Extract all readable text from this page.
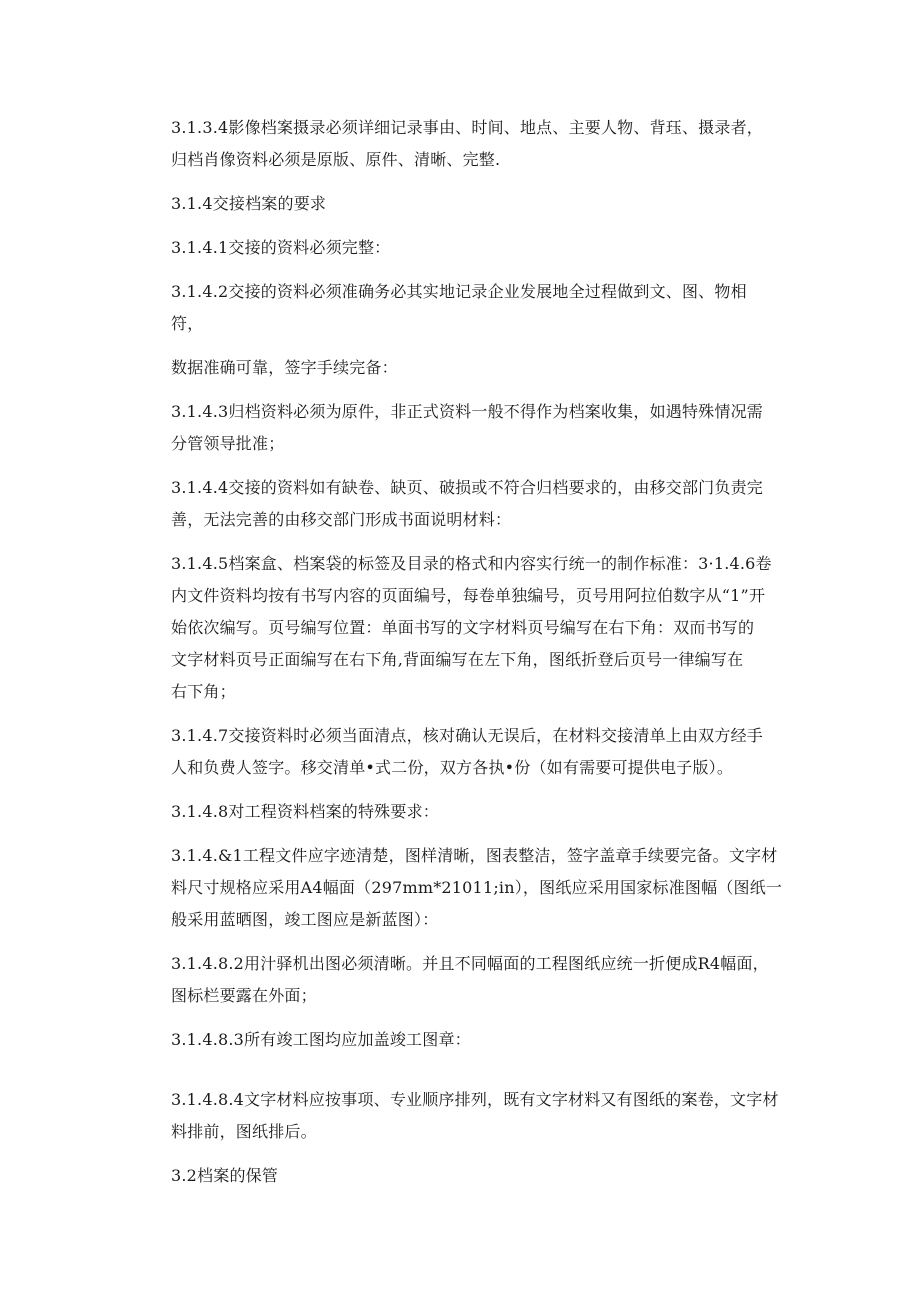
3.1.3.4影像档案摄录必须详细记录事由、时间、地点、主要人物、背珏、摄录者，
归档肖像资料必须是原版、原件、清晰、完整.
3.1.4交接档案的要求
3.1.4.1交接的资料必须完整：
3.1.4.2交接的资料必须准确务必其实地记录企业发展地全过程做到文、图、物相
符，
数据准确可靠，签字手续完备：
3.1.4.3归档资料必须为原件，非正式资料一般不得作为档案收集，如遇特殊情况需
分管领导批准；
3.1.4.4交接的资料如有缺卷、缺页、破损或不符合归档要求的，由移交部门负责完
善，无法完善的由移交部门形成书面说明材料：
3.1.4.5档案盒、档案袋的标签及目录的格式和内容实行统一的制作标准：3·1.4.6卷
内文件资料均按有书写内容的页面编号，每卷单独编号，页号用阿拉伯数字从“1”开
始依次编写。页号编写位置：单面书写的文字材料页号编写在右下角：双而书写的
文字材料页号正面编写在右下角,背面编写在左下角，图纸折登后页号一律编写在
右下角；
3.1.4.7交接资料时必须当面清点，核对确认无误后，在材料交接清单上由双方经手
人和负费人签字。移交清单•式二份，双方各执•份（如有需要可提供电子版）。
3.1.4.8对工程资料档案的特殊要求：
3.1.4.&1工程文件应字迹清楚，图样清晰，图表整洁，签字盖章手续要完备。文字材
料尺寸规格应采用A4幅面（297mm*21011;in），图纸应采用国家标准图幅（图纸一
般采用蓝晒图，竣工图应是新蓝图）：
3.1.4.8.2用汁驿机出图必须清晰。并且不同幅面的工程图纸应统一折便成R4幅面，
图标栏要露在外面；
3.1.4.8.3所有竣工图均应加盖竣工图章：
3.1.4.8.4文字材料应按事项、专业顺序排列，既有文字材料又有图纸的案卷，文字材
料排前，图纸排后。
3.2档案的保管
